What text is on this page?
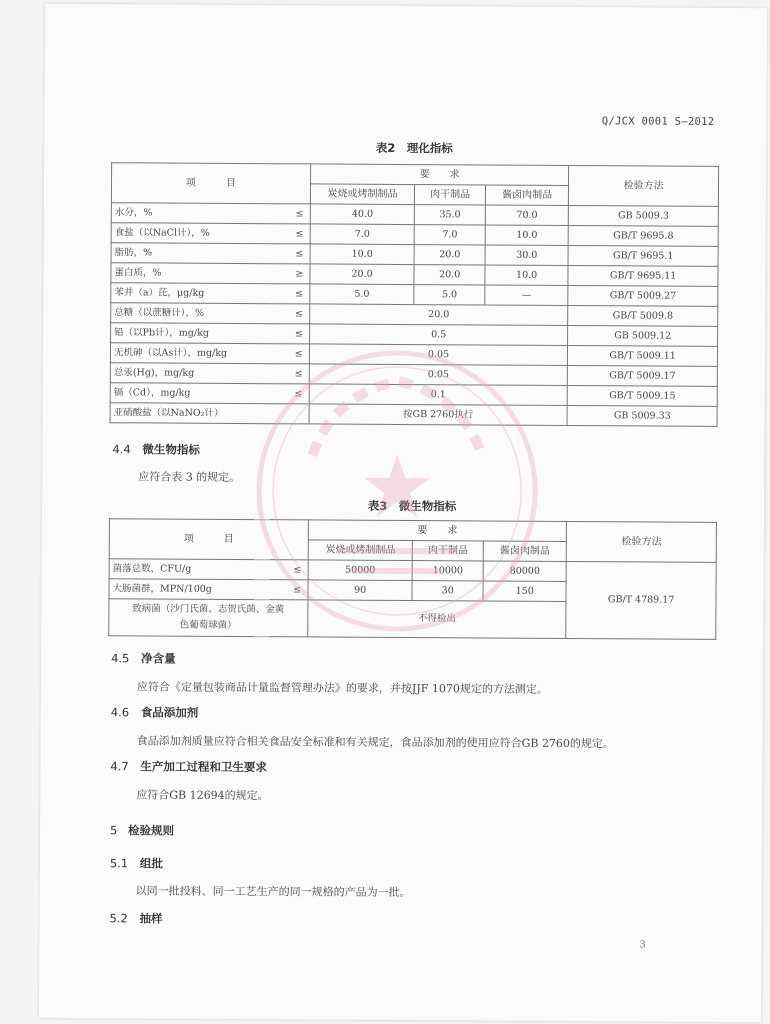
Q/JCX 0001 S—2012
表2　理化指标
项　　　目		要　　求			检验方法
		炭烧或烤制制品	肉干制品	酱卤肉制品	
水分，%	≤	40.0	35.0	70.0	GB 5009.3
食盐（以NaCl计），%	≤	7.0	7.0	10.0	GB/T 9695.8
脂肪，%	≤	10.0	20.0	30.0	GB/T 9695.1
蛋白质，%	≥	20.0	20.0	10.0	GB/T 9695.11
苯并（a）芘，μg/kg	≤	5.0	5.0	—	GB/T 5009.27
总糖（以蔗糖计），%	≤	20.0			GB/T 5009.8
铅（以Pb计），mg/kg	≤	0.5			GB 5009.12
无机砷（以As计），mg/kg	≤	0.05			GB/T 5009.11
总汞(Hg)，mg/kg	≤	0.05			GB/T 5009.17
镉（Cd），mg/kg	≤	0.1			GB/T 5009.15
亚硝酸盐（以NaNO₂计）		按GB 2760执行			GB 5009.33
4.4 微生物指标
应符合表 3 的规定。
表3　微生物指标
项　　　目		要　　求			检验方法
		炭烧或烤制制品	肉干制品	酱卤肉制品	
菌落总数，CFU/g	≤	50000	10000	80000	GB/T 4789.17
大肠菌群，MPN/100g	≤	90	30	150	

致病菌（沙门氏菌、志贺氏菌、金黄
色葡萄球菌）		不得检出			
4.5 净含量
应符合《定量包装商品计量监督管理办法》的要求，并按JJF 1070规定的方法测定。
4.6 食品添加剂
食品添加剂质量应符合相关食品安全标准和有关规定，食品添加剂的使用应符合GB 2760的规定。
4.7 生产加工过程和卫生要求
应符合GB 12694的规定。
5 检验规则
5.1 组批
以同一批投料、同一工艺生产的同一规格的产品为一批。
5.2 抽样
3
